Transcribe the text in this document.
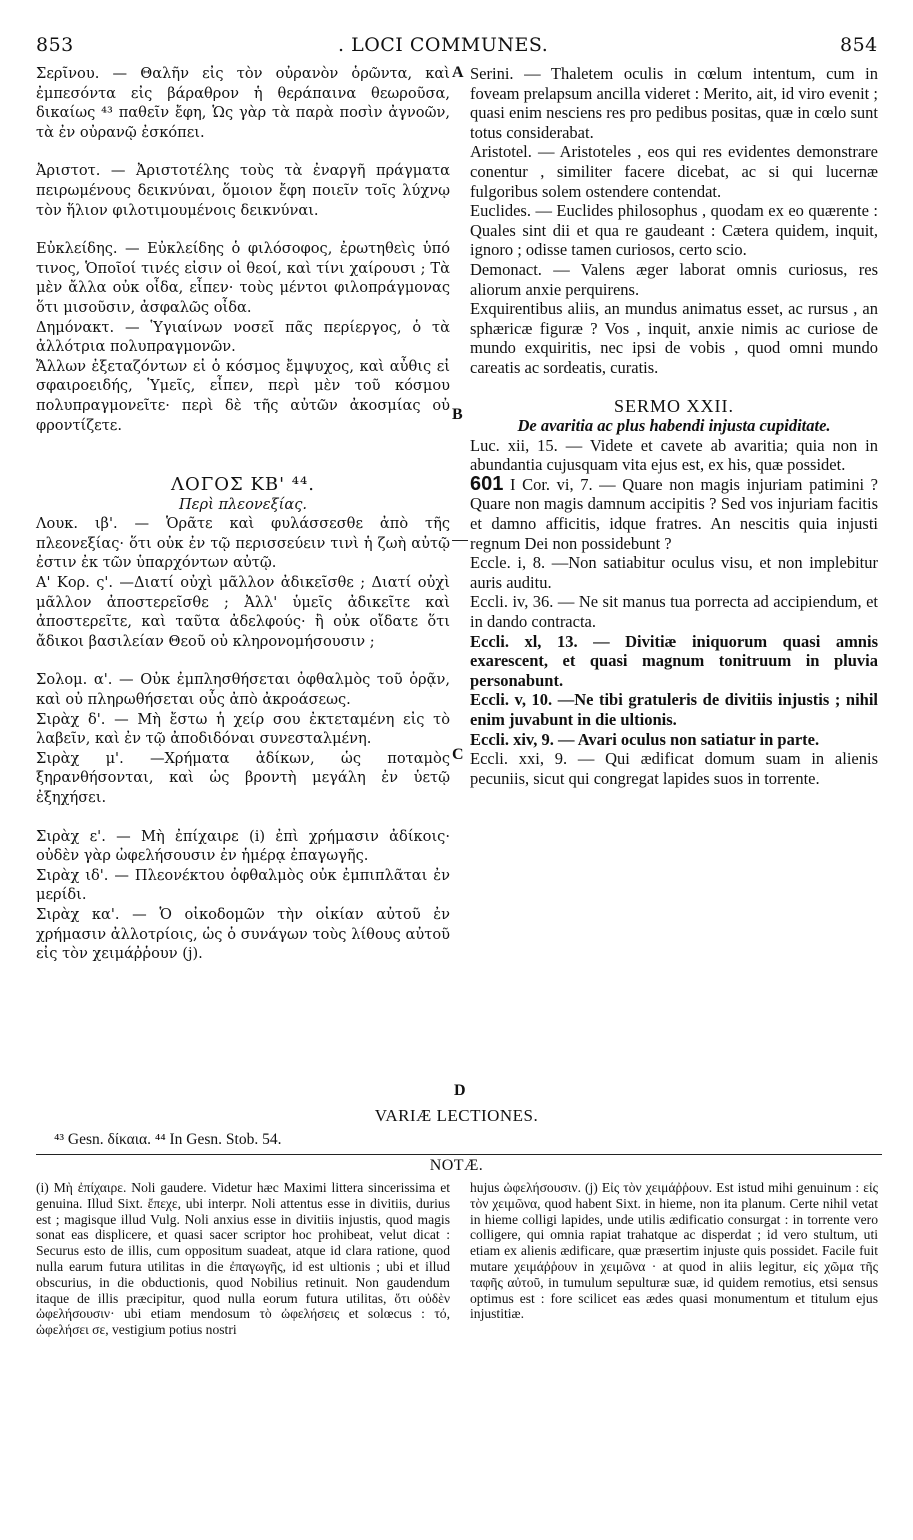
853	. LOCI COMMUNES.	854

Σερῖνου. — Θαλῆν εἰς τὸν οὐρανὸν ὁρῶντα, καὶ ἐμπεσόντα εἰς βάραθρον ἡ θεράπαινα θεωροῦσα, δικαίως ⁴³ παθεῖν ἔφη, Ὡς γὰρ τὰ παρὰ ποσὶν ἀγνοῶν, τὰ ἐν οὐρανῷ ἐσκόπει.

Ἀριστοτ. — Ἀριστοτέλης τοὺς τὰ ἐναργῆ πράγματα πειρωμένους δεικνύναι, ὅμοιον ἔφη ποιεῖν τοῖς λύχνῳ τὸν ἥλιον φιλοτιμουμένοις δεικνύναι.

Εὐκλείδης. — Εὐκλείδης ὁ φιλόσοφος, ἐρωτηθεὶς ὑπό τινος, Ὁποῖοί τινές εἰσιν οἱ θεοί, καὶ τίνι χαίρουσι ; Τὰ μὲν ἄλλα οὐκ οἶδα, εἶπεν· τοὺς μέντοι φιλοπράγμονας ὅτι μισοῦσιν, ἀσφαλῶς οἶδα.

Δημόνακτ. — Ὑγιαίνων νοσεῖ πᾶς περίεργος, ὁ τὰ ἀλλότρια πολυπραγμονῶν.

Ἄλλων ἐξεταζόντων εἰ ὁ κόσμος ἔμψυχος, καὶ αὖθις εἰ σφαιροειδής, Ὑμεῖς, εἶπεν, περὶ μὲν τοῦ κόσμου πολυπραγμονεῖτε· περὶ δὲ τῆς αὐτῶν ἀκοσμίας οὐ φροντίζετε.

ΛΟΓΟΣ ΚΒ' ⁴⁴.
Περὶ πλεονεξίας.

Λουκ. ιβ'. — Ὁρᾶτε καὶ φυλάσσεσθε ἀπὸ τῆς πλεονεξίας· ὅτι οὐκ ἐν τῷ περισσεύειν τινὶ ἡ ζωὴ αὐτῷ ἐστιν ἐκ τῶν ὑπαρχόντων αὐτῷ.

Α' Κορ. ς'. —Διατί οὐχὶ μᾶλλον ἀδικεῖσθε ; Διατί οὐχὶ μᾶλλον ἀποστερεῖσθε ; Ἀλλ' ὑμεῖς ἀδικεῖτε καὶ ἀποστερεῖτε, καὶ ταῦτα ἀδελφούς· ἢ οὐκ οἴδατε ὅτι ἄδικοι βασιλείαν Θεοῦ οὐ κληρονομήσουσιν ;

Σολομ. α'. — Οὐκ ἐμπλησθήσεται ὀφθαλμὸς τοῦ ὁρᾷν, καὶ οὐ πληρωθήσεται οὖς ἀπὸ ἀκροάσεως.

Σιρὰχ δ'. — Μὴ ἔστω ἡ χείρ σου ἐκτεταμένη εἰς τὸ λαβεῖν, καὶ ἐν τῷ ἀποδιδόναι συνεσταλμένη.

Σιρὰχ μ'. —Χρήματα ἀδίκων, ὡς ποταμὸς ξηρανθήσονται, καὶ ὡς βροντὴ μεγάλη ἐν ὑετῷ ἐξηχήσει.

Σιρὰχ ε'. — Μὴ ἐπίχαιρε (i) ἐπὶ χρήμασιν ἀδίκοις· οὐδὲν γὰρ ὠφελήσουσιν ἐν ἡμέρᾳ ἐπαγωγῆς.

Σιρὰχ ιδ'. — Πλεονέκτου ὀφθαλμὸς οὐκ ἐμπιπλᾶται ἐν μερίδι.

Σιρὰχ κα'. — Ὁ οἰκοδομῶν τὴν οἰκίαν αὐτοῦ ἐν χρήμασιν ἀλλοτρίοις, ὡς ὁ συνάγων τοὺς λίθους αὐτοῦ εἰς τὸν χειμάῤῥουν (j).

Serini. — Thaletem oculis in cœlum intentum, cum in foveam prelapsum ancilla videret : Merito, ait, id viro evenit ; quasi enim nesciens res pro pedibus positas, quæ in cœlo sunt totus considerabat.

Aristotel. — Aristoteles , eos qui res evidentes demonstrare conentur , similiter facere dicebat, ac si qui lucernæ fulgoribus solem ostendere contendat.

Euclides. — Euclides philosophus , quodam ex eo quærente : Quales sint dii et qua re gaudeant : Cætera quidem, inquit, ignoro ; odisse tamen curiosos, certo scio.

Demonact. — Valens æger laborat omnis curiosus, res aliorum anxie perquirens.

Exquirentibus aliis, an mundus animatus esset, ac rursus , an sphæricæ figuræ ? Vos , inquit, anxie nimis ac curiose de mundo exquiritis, nec ipsi de vobis , quod omni mundo careatis ac sordeatis, curatis.

SERMO XXII.
De avaritia ac plus habendi injusta cupiditate.

Luc. xii, 15. — Videte et cavete ab avaritia; quia non in abundantia cujusquam vita ejus est, ex his, quæ possidet.

601 I Cor. vi, 7. — Quare non magis injuriam patimini ? Quare non magis damnum accipitis ? Sed vos injuriam facitis et damno afficitis, idque fratres. An nescitis quia injusti regnum Dei non possidebunt ?

Eccle. i, 8. —Non satiabitur oculus visu, et non implebitur auris auditu.

Eccli. iv, 36. — Ne sit manus tua porrecta ad accipiendum, et in dando contracta.

Eccli. xl, 13. — Divitiæ iniquorum quasi amnis exarescent, et quasi magnum tonitruum in pluvia personabunt.

Eccli. v, 10. —Ne tibi gratuleris de divitiis injustis ; nihil enim juvabunt in die ultionis.

Eccli. xiv, 9. — Avari oculus non satiatur in parte.

Eccli. xxi, 9. — Qui ædificat domum suam in alienis pecuniis, sicut qui congregat lapides suos in torrente.

A
B
C
D
VARIÆ LECTIONES.
⁴³ Gesn. δίκαια. ⁴⁴ In Gesn. Stob. 54.
NOTÆ.
(i) Μὴ ἐπίχαιρε. Noli gaudere. Videtur hæc Maximi littera sincerissima et genuina. Illud Sixt. ἔπεχε, ubi interpr. Noli attentus esse in divitiis, durius est ; magisque illud Vulg. Noli anxius esse in divitiis injustis, quod magis sonat eas displicere, et quasi sacer scriptor hoc prohibeat, velut dicat : Securus esto de illis, cum oppositum suadeat, atque id clara ratione, quod nulla earum futura utilitas in die ἐπαγωγῆς, id est ultionis ; ubi et illud obscurius, in die obductionis, quod Nobilius retinuit. Non gaudendum itaque de illis præcipitur, quod nulla eorum futura utilitas, ὅτι οὐδὲν ὠφελήσουσιν· ubi etiam mendosum τὸ ὠφελήσεις et solœcus : τό, ὠφελήσει σε, vestigium potius nostri
hujus ὠφελήσουσιν. (j) Εἰς τὸν χειμάῤῥουν. Est istud mihi genuinum : εἰς τὸν χειμῶνα, quod habent Sixt. in hieme, non ita planum. Certe nihil vetat in hieme colligi lapides, unde utilis ædificatio consurgat : in torrente vero colligere, qui omnia rapiat trahatque ac disperdat ; id vero stultum, uti etiam ex alienis ædificare, quæ præsertim injuste quis possidet. Facile fuit mutare χειμάῤῥουν in χειμῶνα · at quod in aliis legitur, εἰς χῶμα τῆς ταφῆς αὐτοῦ, in tumulum sepulturæ suæ, id quidem remotius, etsi sensus optimus est : fore scilicet eas ædes quasi monumentum et titulum ejus injustitiæ.
